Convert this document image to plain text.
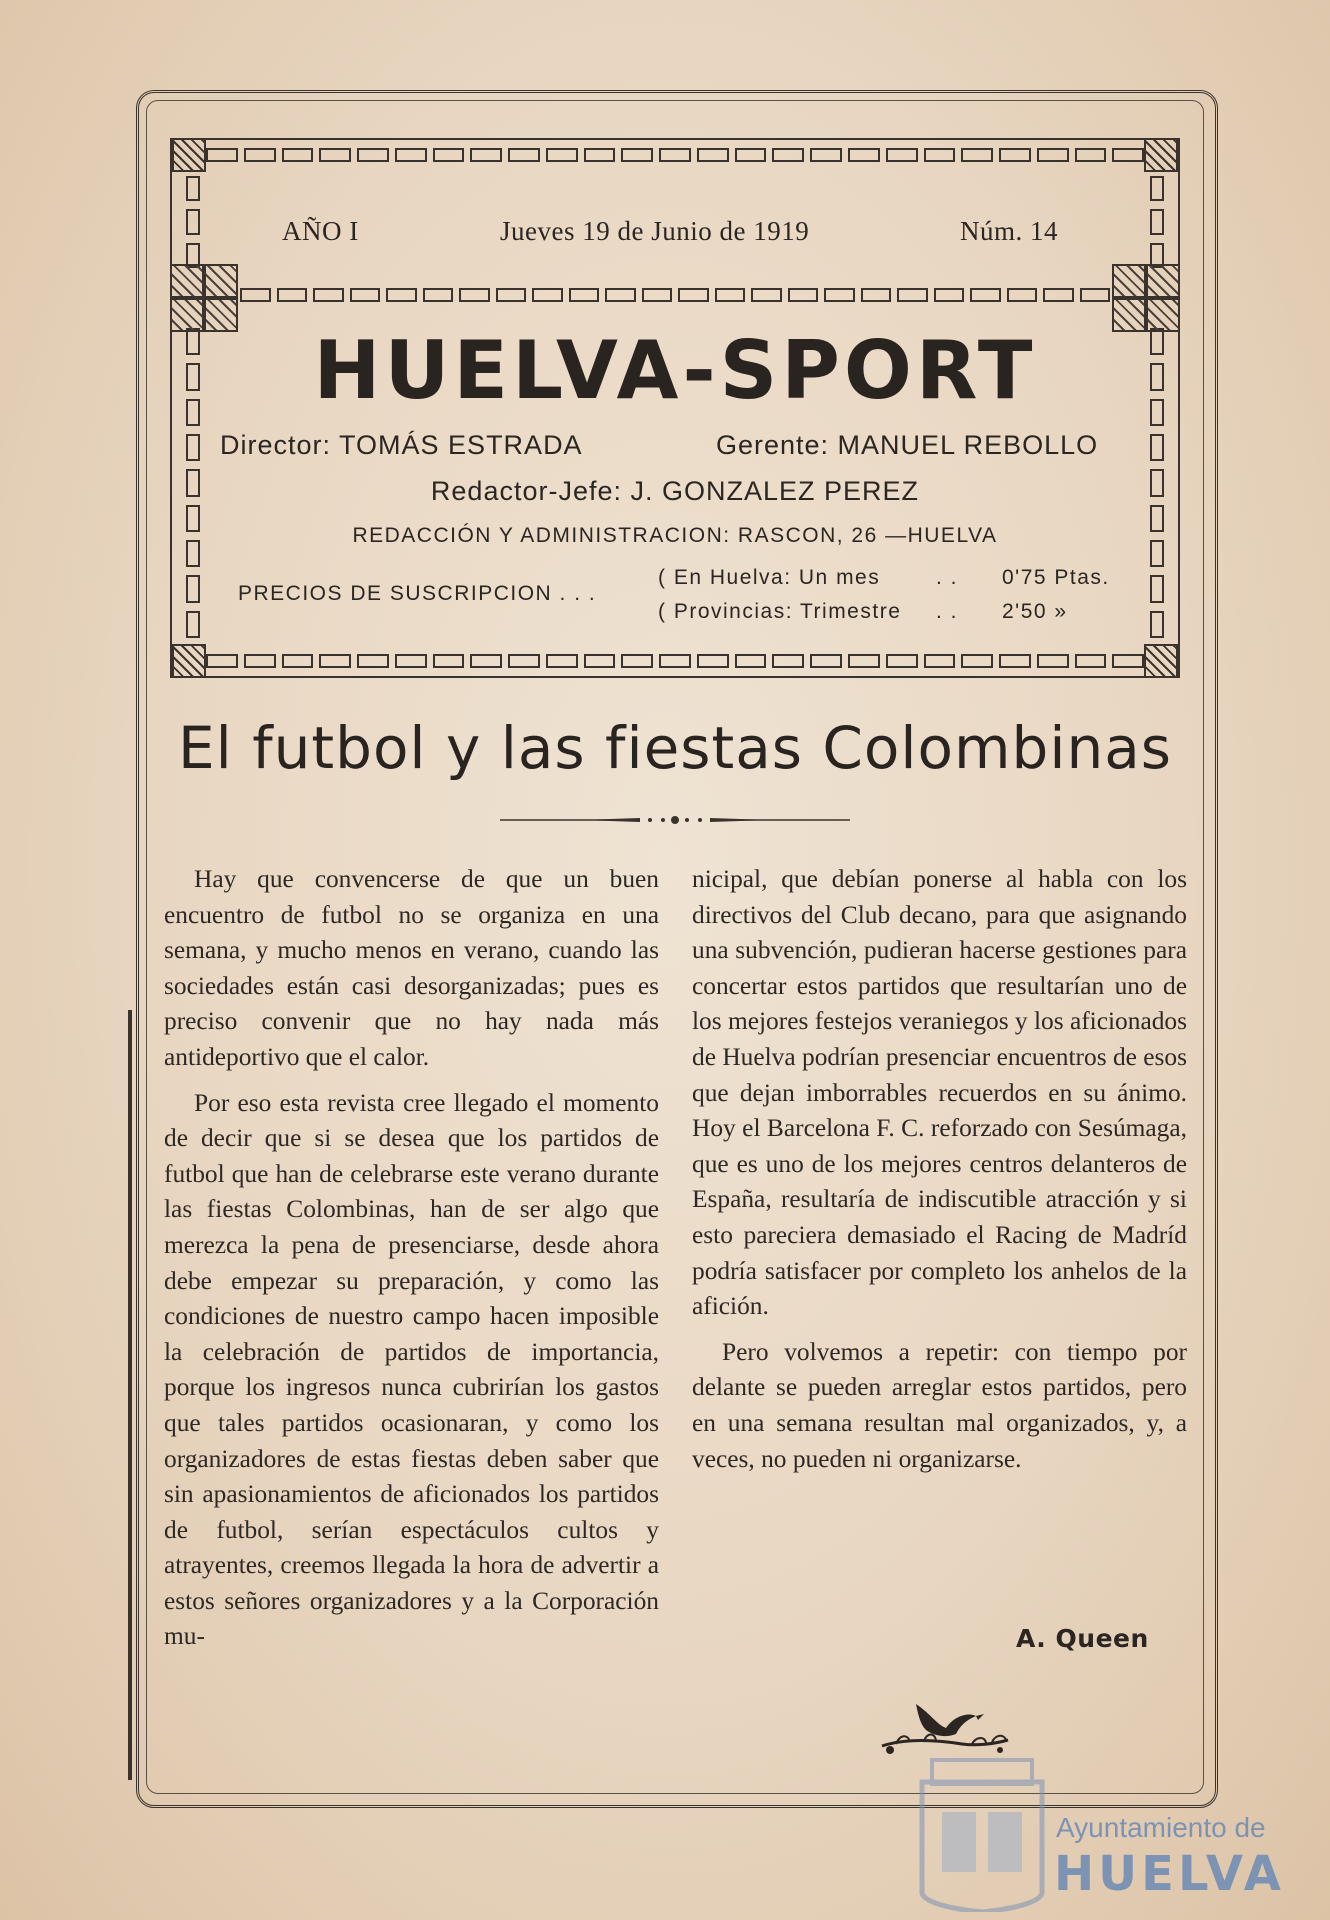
AÑO I	Jueves 19 de Junio de 1919	Núm. 14
HUELVA-SPORT
Director: TOMÁS ESTRADA	Gerente: MANUEL REBOLLO
Redactor-Jefe: J. GONZALEZ PEREZ
REDACCIÓN Y ADMINISTRACION: RASCON, 26 —HUELVA
PRECIOS DE SUSCRIPCION . . .
( En Huelva: Un mes	. . 0'75 Ptas.
( Provincias: Trimestre . . 2'50 »
El futbol y las fiestas Colombinas

Hay que convencerse de que un buen encuentro de futbol no se organiza en una semana, y mucho menos en verano, cuando las sociedades están casi desorganizadas; pues es preciso convenir que no hay nada más antideportivo que el calor.

Por eso esta revista cree llegado el momento de decir que si se desea que los partidos de futbol que han de celebrarse este verano durante las fiestas Colombinas, han de ser algo que merezca la pena de presenciarse, desde ahora debe empezar su preparación, y como las condiciones de nuestro campo hacen imposible la celebración de partidos de importancia, porque los ingresos nunca cubrirían los gastos que tales partidos ocasionaran, y como los organizadores de estas fiestas deben saber que sin apasionamientos de aficionados los partidos de futbol, serían espectáculos cultos y atrayentes, creemos llegada la hora de advertir a estos señores organizadores y a la Corporación mu-

nicipal, que debían ponerse al habla con los directivos del Club decano, para que asignando una subvención, pudieran hacerse gestiones para concertar estos partidos que resultarían uno de los mejores festejos veraniegos y los aficionados de Huelva podrían presenciar encuentros de esos que dejan imborrables recuerdos en su ánimo. Hoy el Barcelona F. C. reforzado con Sesúmaga, que es uno de los mejores centros delanteros de España, resultaría de indiscutible atracción y si esto pareciera demasiado el Racing de Madríd podría satisfacer por completo los anhelos de la afición.

Pero volvemos a repetir: con tiempo por delante se pueden arreglar estos partidos, pero en una semana resultan mal organizados, y, a veces, no pueden ni organizarse.

A. Queen
Ayuntamiento de
HUELVA
